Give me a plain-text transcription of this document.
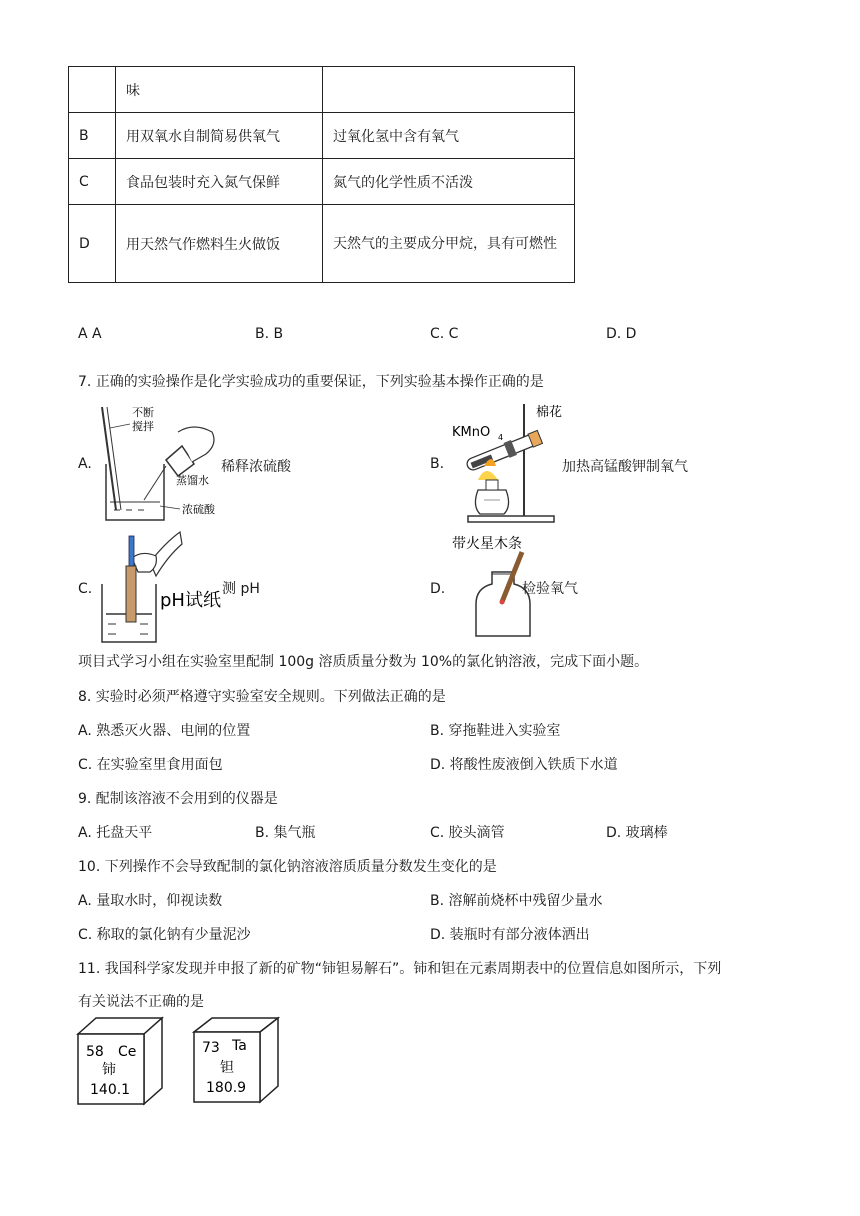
	味	
B	用双氧水自制简易供氧气	过氧化氢中含有氧气
C	食品包装时充入氮气保鲜	氮气的化学性质不活泼
D	用天然气作燃料生火做饭	天然气的主要成分甲烷，具有可燃性
A A	B. B	C. C	D. D
7. 正确的实验操作是化学实验成功的重要保证，下列实验基本操作正确的是
A.
不断
搅拌
蒸馏水
浓硫酸
稀释浓硫酸	B.
棉花
KMnO 4
加热高锰酸钾制氧气
C.
pH试纸
测 pH	D.
带火星木条
检验氧气
项目式学习小组在实验室里配制 100g 溶质质量分数为 10%的氯化钠溶液，完成下面小题。
8. 实验时必须严格遵守实验室安全规则。下列做法正确的是
A. 熟悉灭火器、电闸的位置	B. 穿拖鞋进入实验室
C. 在实验室里食用面包	D. 将酸性废液倒入铁质下水道
9. 配制该溶液不会用到的仪器是
A. 托盘天平	B. 集气瓶	C. 胶头滴管	D. 玻璃棒
10. 下列操作不会导致配制的氯化钠溶液溶质质量分数发生变化的是
A. 量取水时，仰视读数	B. 溶解前烧杯中残留少量水
C. 称取的氯化钠有少量泥沙	D. 装瓶时有部分液体洒出
11. 我国科学家发现并申报了新的矿物“铈钽易解石”。铈和钽在元素周期表中的位置信息如图所示，下列
有关说法不正确的是
58 Ce
铈
140.1
73 Ta
钽
180.9
